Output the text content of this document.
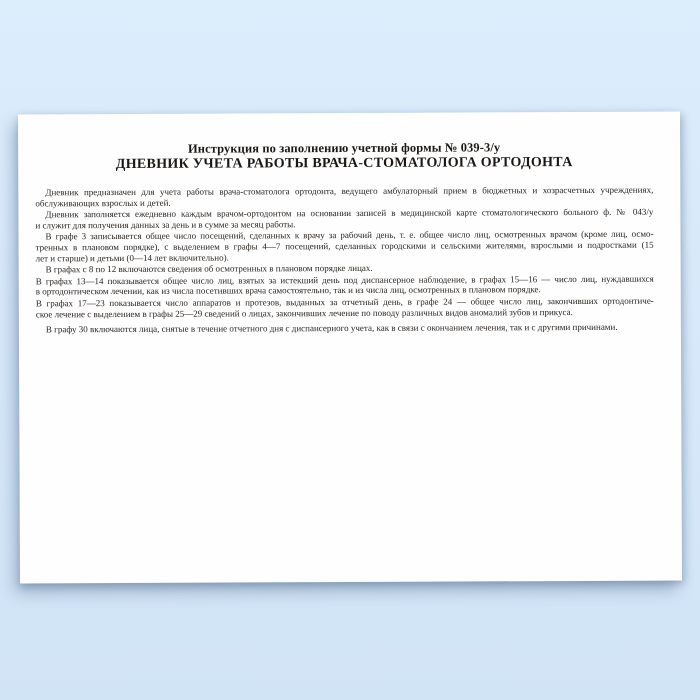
Инструкция по заполнению учетной формы № 039-3/у
ДНЕВНИК УЧЕТА РАБОТЫ ВРАЧА-СТОМАТОЛОГА ОРТОДОНТА
Дневник предназначен для учета работы врача-стоматолога ортодонта, ведущего амбулаторный прием в бюджетных и хозрасчетных учреждениях,
обслуживающих взрослых и детей.
Дневник заполняется ежедневно каждым врачом-ортодонтом на основании записей в медицинской карте стоматологического больного ф. № 043/у
и служит для получения данных за день и в сумме за месяц работы.
В графе 3 записывается общее число посещений, сделанных к врачу за рабочий день, т. е. общее число лиц, осмотренных врачом (кроме лиц, осмо-
тренных в плановом порядке), с выделением в графы 4—7 посещений, сделанных городскими и сельскими жителями, взрослыми и подростками (15
лет и старше) и детьми (0—14 лет включительно).
В графах с 8 по 12 включаются сведения об осмотренных в плановом порядке лицах.
В графах 13—14 показывается общее число лиц, взятых за истекший день под диспансерное наблюдение, в графах 15—16 — число лиц, нуждавшихся
в ортодонтическом лечении, как из числа посетивших врача самостоятельно, так и из числа лиц, осмотренных в плановом порядке.
В графах 17—23 показывается число аппаратов и протезов, выданных за отчетный день, в графе 24 — общее число лиц, закончивших ортодонтиче-
ское лечение с выделением в графы 25—29 сведений о лицах, закончивших лечение по поводу различных видов аномалий зубов и прикуса.
В графу 30 включаются лица, снятые в течение отчетного дня с диспансерного учета, как в связи с окончанием лечения, так и с другими причинами.
